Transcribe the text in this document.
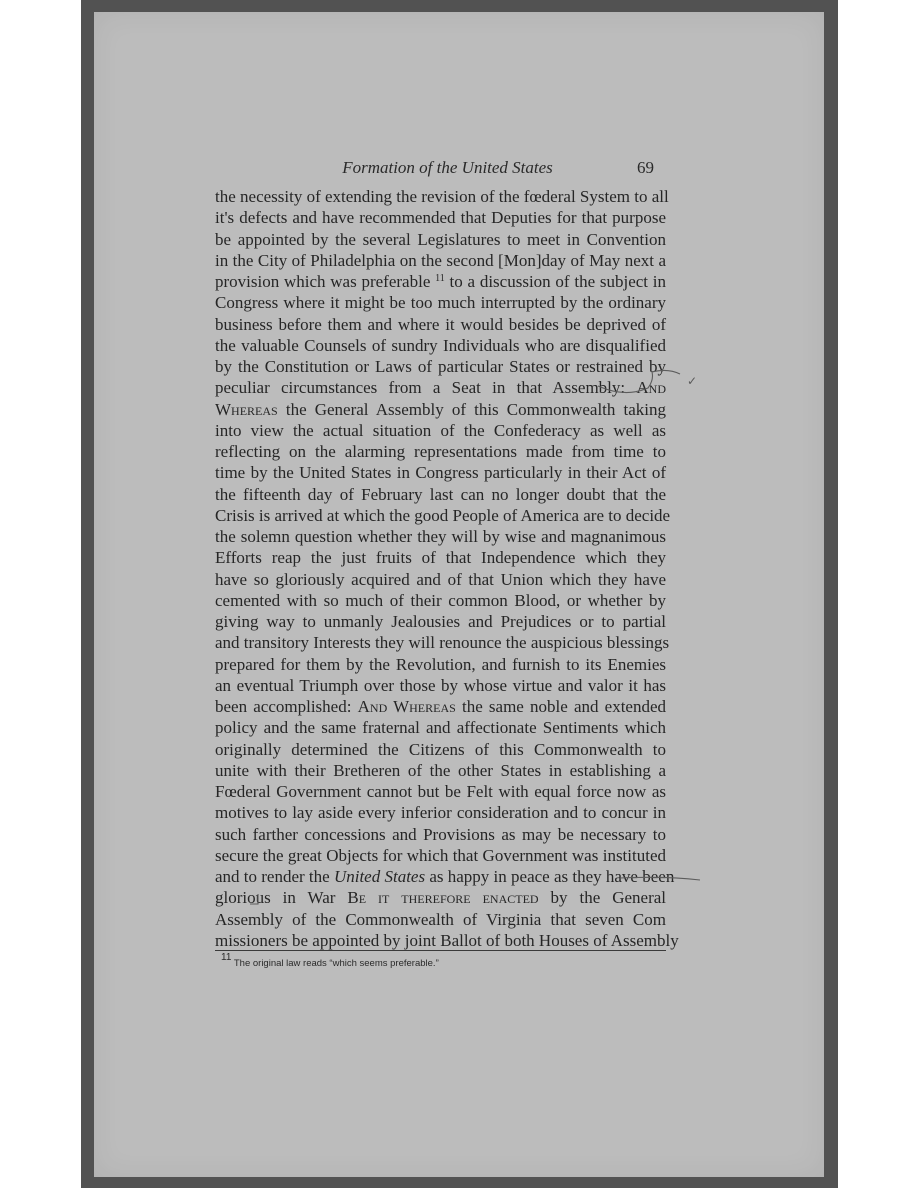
Formation of the United States	69
the necessity of extending the revision of the fœderal System to all
it's defects and have recommended that Deputies for that purpose
be appointed by the several Legislatures to meet in Convention
in the City of Philadelphia on the second [Mon]day of May next a
provision which was preferable $^{11}$ to a discussion of the subject in
Congress where it might be too much interrupted by the ordinary
business before them and where it would besides be deprived of
the valuable Counsels of sundry Individuals who are disqualified
by the Constitution or Laws of particular States or restrained by
peculiar circumstances from a Seat in that Assembly: And
Whereas the General Assembly of this Commonwealth taking
into view the actual situation of the Confederacy as well as
reflecting on the alarming representations made from time to
time by the United States in Congress particularly in their Act of
the fifteenth day of February last can no longer doubt that the
Crisis is arrived at which the good People of America are to decide
the solemn question whether they will by wise and magnanimous
Efforts reap the just fruits of that Independence which they
have so gloriously acquired and of that Union which they have
cemented with so much of their common Blood, or whether by
giving way to unmanly Jealousies and Prejudices or to partial
and transitory Interests they will renounce the auspicious blessings
prepared for them by the Revolution, and furnish to its Enemies
an eventual Triumph over those by whose virtue and valor it has
been accomplished: And Whereas the same noble and extended
policy and the same fraternal and affectionate Sentiments which
originally determined the Citizens of this Commonwealth to
unite with their Bretheren of the other States in establishing a
Fœderal Government cannot but be Felt with equal force now as
motives to lay aside every inferior consideration and to concur in
such farther concessions and Provisions as may be necessary to
secure the great Objects for which that Government was instituted
and to render the United States as happy in peace as they have been
glorious in War Be it therefore enacted by the General
Assembly of the Commonwealth of Virginia that seven Com
missioners be appointed by joint Ballot of both Houses of Assembly
$^{11}$ The original law reads “which seems preferable.”
✓
